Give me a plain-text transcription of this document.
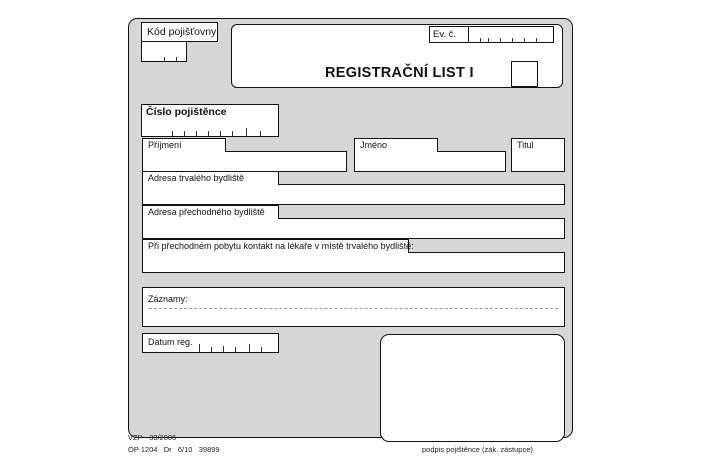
Kód pojišťovny
REGISTRAČNÍ LIST I
Ev. č.
Číslo pojištěnce
Příjmení	Jméno	Titul
Adresa trvalého bydliště
Adresa přechodného bydliště
Při přechodném pobytu kontakt na lékaře v místě trvalého bydliště:
Záznamy:
Datum reg.
podpis pojištěnce (zák. zástupce)
VZP - 30/2006
OP 1204   Dr   6/10   39899
